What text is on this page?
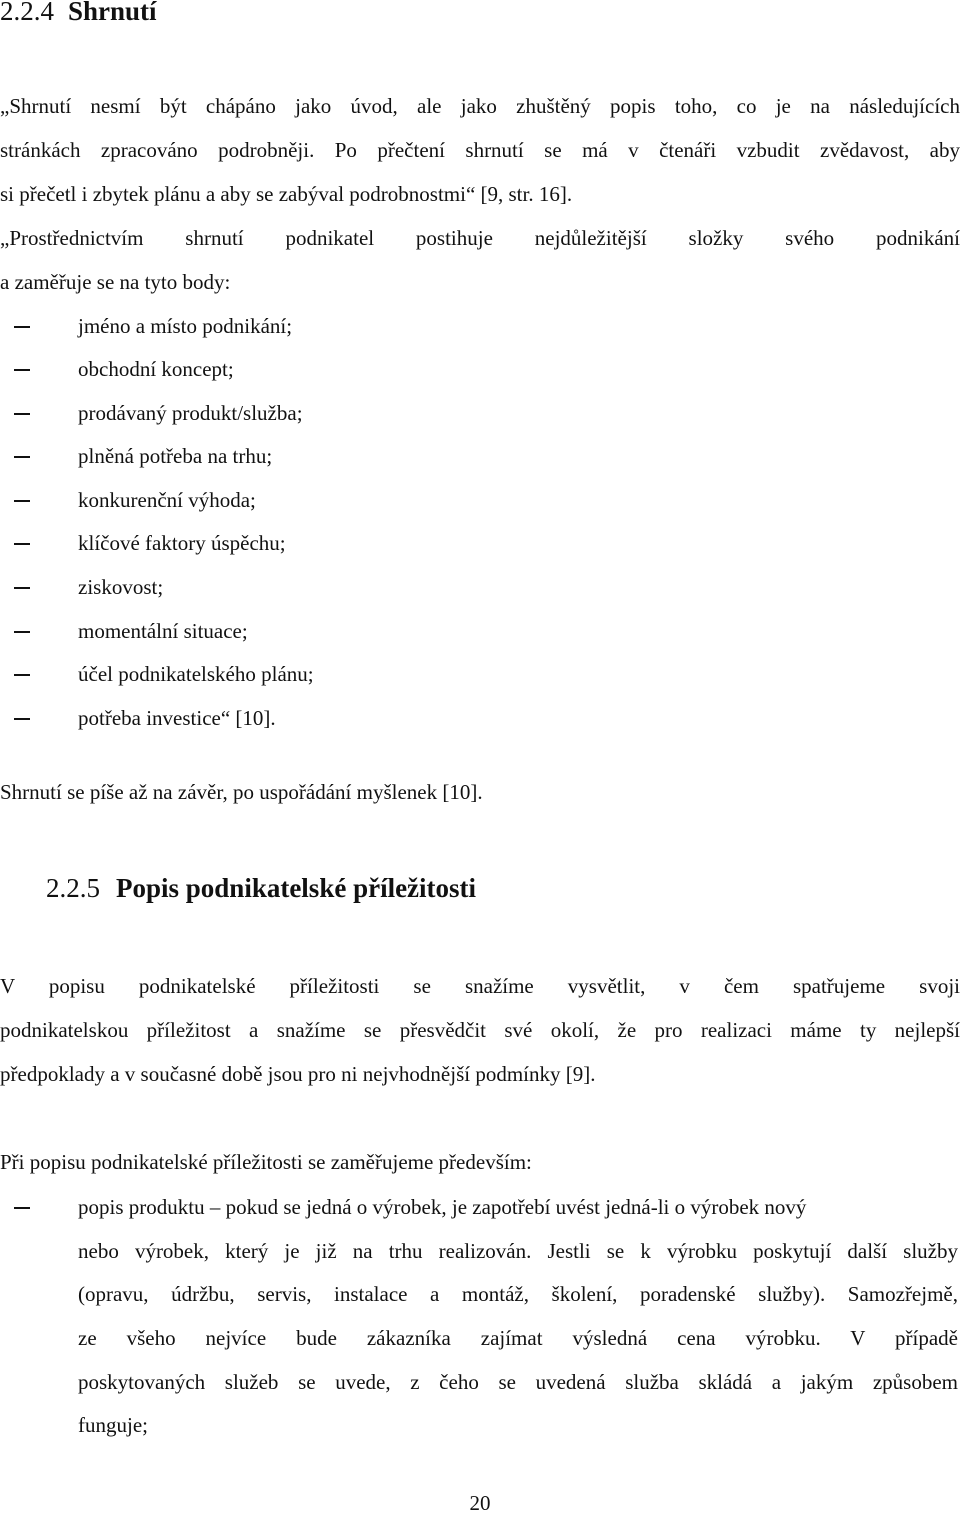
2.2.4 Shrnutí

„Shrnutí nesmí být chápáno jako úvod, ale jako zhuštěný popis toho, co je na následujících

stránkách zpracováno podrobněji. Po přečtení shrnutí se má v čtenáři vzbudit zvědavost, aby

si přečetl i zbytek plánu a aby se zabýval podrobnostmi“ [9, str. 16].

„Prostřednictvím shrnutí podnikatel postihuje nejdůležitější složky svého podnikání

a zaměřuje se na tyto body:

jméno a místo podnikání;
obchodní koncept;
prodávaný produkt/služba;
plněná potřeba na trhu;
konkurenční výhoda;
klíčové faktory úspěchu;
ziskovost;
momentální situace;
účel podnikatelského plánu;
potřeba investice“ [10].

Shrnutí se píše až na závěr, po uspořádání myšlenek [10].

2.2.5 Popis podnikatelské příležitosti

V popisu podnikatelské příležitosti se snažíme vysvětlit, v čem spatřujeme svoji

podnikatelskou příležitost a snažíme se přesvědčit své okolí, že pro realizaci máme ty nejlepší

předpoklady a v současné době jsou pro ni nejvhodnější podmínky [9].

Při popisu podnikatelské příležitosti se zaměřujeme především:

popis produktu – pokud se jedná o výrobek, je zapotřebí uvést jedná-li o výrobek nový

nebo výrobek, který je již na trhu realizován. Jestli se k výrobku poskytují další služby

(opravu, údržbu, servis, instalace a montáž, školení, poradenské služby). Samozřejmě,

ze všeho nejvíce bude zákazníka zajímat výsledná cena výrobku. V případě

poskytovaných služeb se uvede, z čeho se uvedená služba skládá a jakým způsobem

funguje;

20
